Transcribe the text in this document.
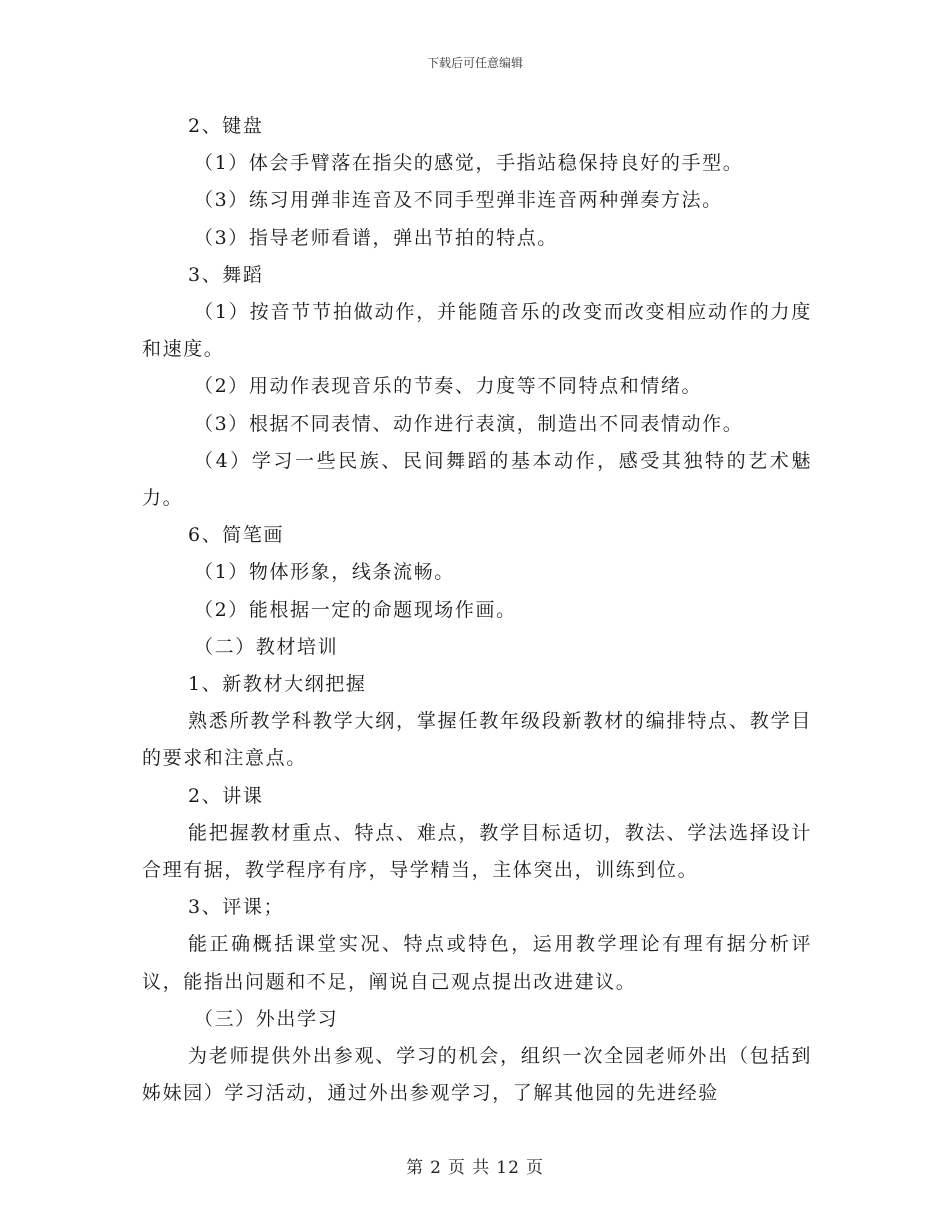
下载后可任意编辑

2、键盘

（1）体会手臂落在指尖的感觉，手指站稳保持良好的手型。

（3）练习用弹非连音及不同手型弹非连音两种弹奏方法。

（3）指导老师看谱，弹出节拍的特点。

3、舞蹈

（1）按音节节拍做动作，并能随音乐的改变而改变相应动作的力度和速度。

（2）用动作表现音乐的节奏、力度等不同特点和情绪。

（3）根据不同表情、动作进行表演，制造出不同表情动作。

（4）学习一些民族、民间舞蹈的基本动作，感受其独特的艺术魅力。

6、简笔画

（1）物体形象，线条流畅。

（2）能根据一定的命题现场作画。

（二）教材培训

1、新教材大纲把握

熟悉所教学科教学大纲，掌握任教年级段新教材的编排特点、教学目的要求和注意点。

2、讲课

能把握教材重点、特点、难点，教学目标适切，教法、学法选择设计合理有据，教学程序有序，导学精当，主体突出，训练到位。

3、评课；

能正确概括课堂实况、特点或特色，运用教学理论有理有据分析评议，能指出问题和不足，阐说自己观点提出改进建议。

（三）外出学习

为老师提供外出参观、学习的机会，组织一次全园老师外出（包括到姊妹园）学习活动，通过外出参观学习，了解其他园的先进经验

第 2 页 共 12 页
